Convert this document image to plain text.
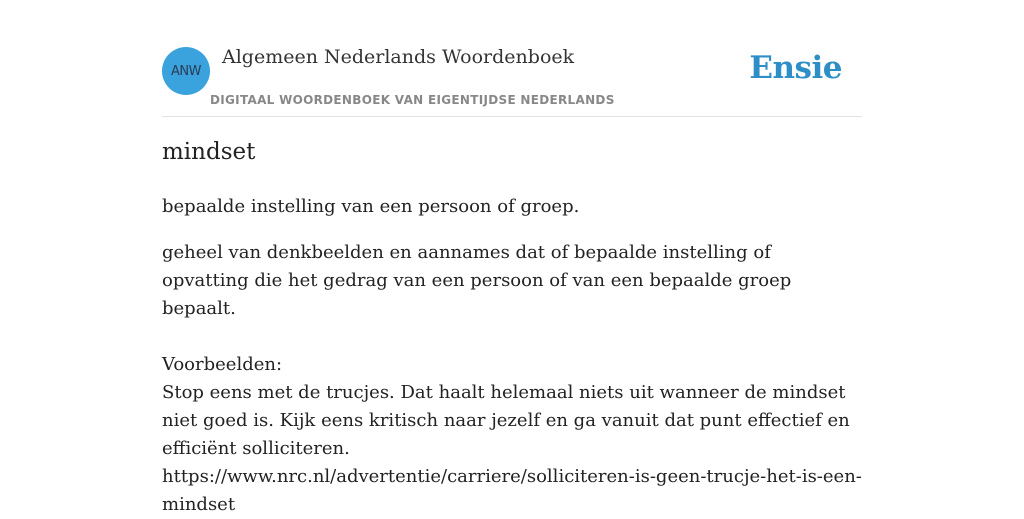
ANW
Algemeen Nederlands Woordenboek
DIGITAAL WOORDENBOEK VAN EIGENTIJDSE NEDERLANDS
Ensie
mindset
bepaalde instelling van een persoon of groep.

geheel van denkbeelden en aannames dat of bepaalde instelling of opvatting die het gedrag van een persoon of van een bepaalde groep bepaalt.

Voorbeelden:

Stop eens met de trucjes. Dat haalt helemaal niets uit wanneer de mindset niet goed is. Kijk eens kritisch naar jezelf en ga vanuit dat punt effectief en efficiënt solliciteren.

https://www.nrc.nl/advertentie/carriere/solliciteren-is-geen-trucje-het-is-een-mindset
